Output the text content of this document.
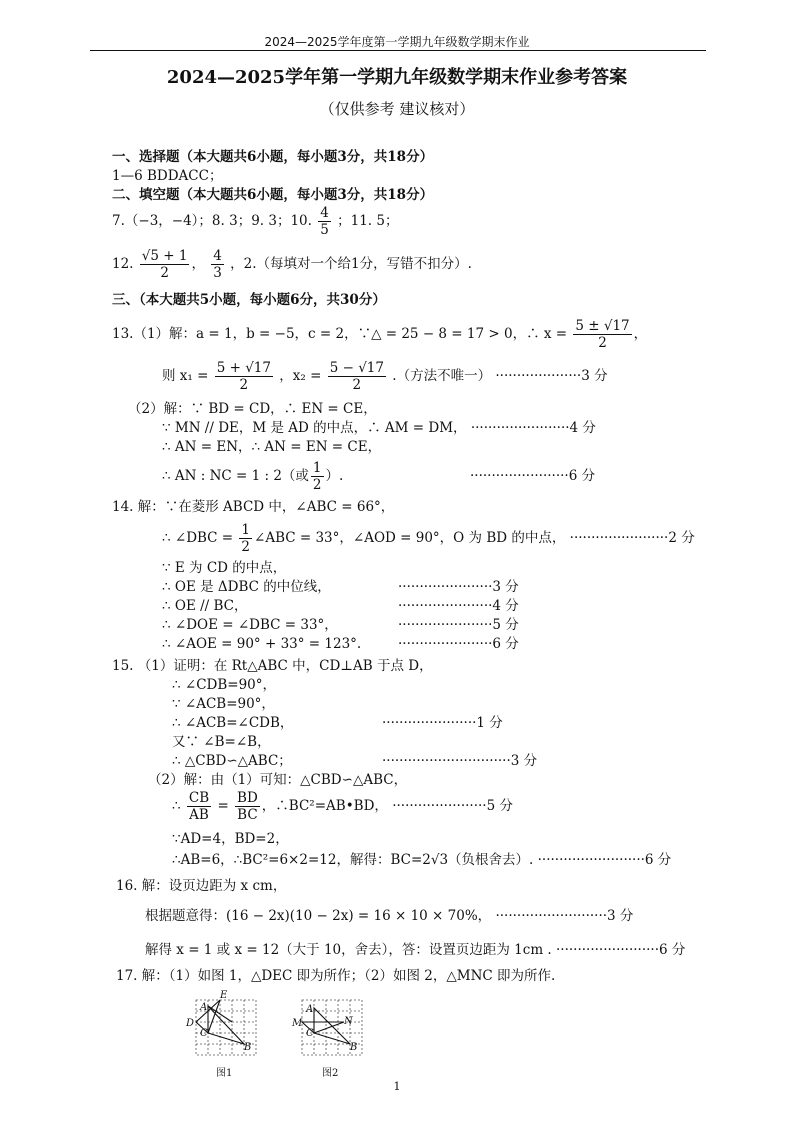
2024—2025学年度第一学期九年级数学期末作业
2024—2025学年第一学期九年级数学期末作业参考答案
（仅供参考 建议核对）
一、选择题（本大题共6小题，每小题3分，共18分）
1—6 BDDACC；
二、填空题（本大题共6小题，每小题3分，共18分）
7.（−3，−4）；8. 3；9. 3；10. $\frac{4}{5}$ ；11. 5；
12. $\frac{√5 + 1}{2}$ ， $\frac{4}{3}$ ，2.（每填对一个给1分，写错不扣分）.
三、（本大题共5小题，每小题6分，共30分）
13.（1）解：a = 1，b = −5，c = 2，∵△ = 25 − 8 = 17 > 0，∴ $x = \frac{5 \pm √17}{2}$ ，
则 $x_1 = \frac{5 + √17}{2}$ ，$x_2 = \frac{5 - √17}{2}$ .（方法不唯一） ····················3 分
（2）解：∵ BD = CD，∴ EN = CE，
∵ MN // DE，M 是 AD 的中点，∴ AM = DM， ·······················4 分
∴ AN = EN，∴ AN = EN = CE，
∴ AN : NC = 1 : 2（或 $\frac{1}{2}$ ）.	·······················6 分
14. 解：∵在菱形 ABCD 中，∠ABC = 66°，
∴ ∠DBC = $\frac{1}{2}$ ∠ABC = 33°，∠AOD = 90°，O 为 BD 的中点， ·······················2 分
∵ E 为 CD 的中点，
∴ OE 是 ΔDBC 的中位线，	······················3 分
∴ OE // BC，	······················4 分
∴ ∠DOE = ∠DBC = 33°，	······················5 分
∴ ∠AOE = 90° + 33° = 123°.	······················6 分
15. （1）证明：在 Rt△ABC 中，CD⊥AB 于点 D，
∴ ∠CDB=90°，
∵ ∠ACB=90°，
∴ ∠ACB=∠CDB，	······················1 分
又∵ ∠B=∠B，
∴ △CBD∽△ABC；	······························3 分
（2）解：由（1）可知：△CBD∽△ABC，
∴ $\frac{CB}{AB} = \frac{BD}{BC}$ ，∴BC²=AB•BD， ······················5 分
∵AD=4，BD=2，
∴AB=6，∴BC²=6×2=12，解得：BC=2√3（负根舍去）. ·························6 分
16. 解：设页边距为 x cm，
根据题意得：(16 − 2x)(10 − 2x) = 16 × 10 × 70%， ··························3 分
解得 x = 1 或 x = 12（大于 10，舍去），答：设置页边距为 1cm . ························6 分
17. 解：（1）如图 1，△DEC 即为所作；（2）如图 2，△MNC 即为所作.
E
A
D
C
B
图1
A
M	N
C
B
图2
1
